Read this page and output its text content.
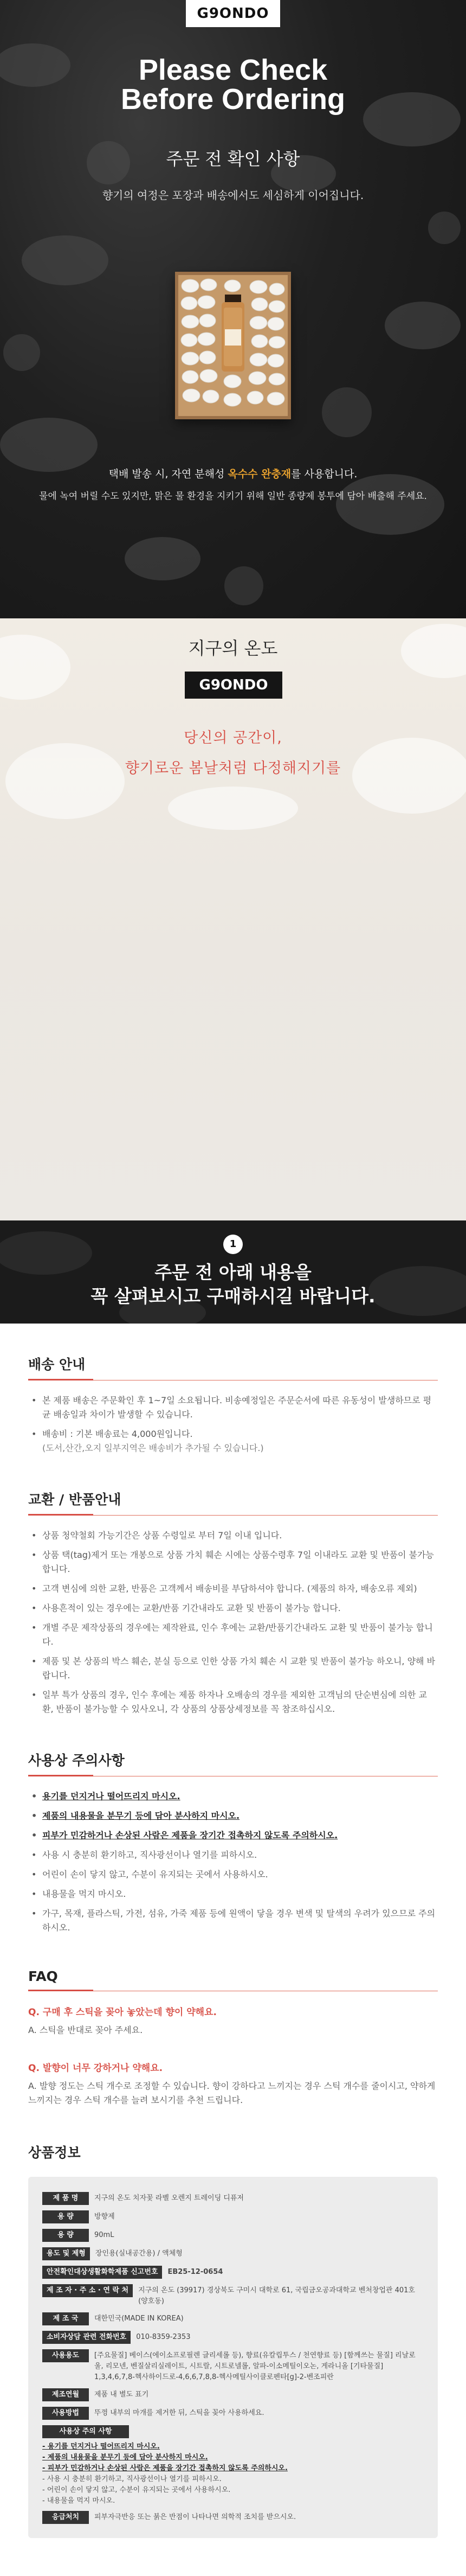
G9ONDO
Please Check
Before Ordering
주문 전 확인 사항
향기의 여정은 포장과 배송에서도 세심하게 이어집니다.
택배 발송 시, 자연 분해성 옥수수 완충재를 사용합니다.
물에 녹여 버릴 수도 있지만, 맑은 물 환경을 지키기 위해 일반 종량제 봉투에 담아 배출해 주세요.
지구의 온도
G9ONDO
당신의 공간이,
향기로운 봄날처럼 다정해지기를
1
주문 전 아래 내용을
꼭 살펴보시고 구매하시길 바랍니다.
배송 안내
• 본 제품 배송은 주문확인 후 1~7일 소요됩니다. 비송예정일은 주문순서에 따른 유동성이 발생하므로 평균 배송일과 차이가 발생할 수 있습니다.
• 배송비 : 기본 배송료는 4,000원입니다.
(도서,산간,오지 일부지역은 배송비가 추가될 수 있습니다.)
교환 / 반품안내
• 상품 청약철회 가능기간은 상품 수령일로 부터 7일 이내 입니다.
• 상품 택(tag)제거 또는 개봉으로 상품 가치 훼손 시에는 상품수령후 7일 이내라도 교환 및 반품이 불가능합니다.
• 고객 변심에 의한 교환, 반품은 고객께서 배송비를 부담하셔야 합니다. (제품의 하자, 배송오류 제외)
• 사용흔적이 있는 경우에는 교환/반품 기간내라도 교환 및 반품이 불가능 합니다.
• 개별 주문 제작상품의 경우에는 제작완료, 인수 후에는 교환/반품기간내라도 교환 및 반품이 불가능 합니다.
• 제품 및 본 상품의 박스 훼손, 분실 등으로 인한 상품 가치 훼손 시 교환 및 반품이 불가능 하오니, 양해 바랍니다.
• 일부 특가 상품의 경우, 인수 후에는 제품 하자나 오배송의 경우를 제외한 고객님의 단순변심에 의한 교환, 반품이 불가능할 수 있사오니, 각 상품의 상품상세정보를 꼭 참조하십시오.
사용상 주의사항
• 용기를 던지거나 떨어뜨리지 마시오.
• 제품의 내용물을 분무기 등에 담아 분사하지 마시오.
• 피부가 민감하거나 손상된 사람은 제품을 장기간 접촉하지 않도록 주의하시오.
• 사용 시 충분히 환기하고, 직사광선이나 열기를 피하시오.
• 어린이 손이 닿지 않고, 수분이 유지되는 곳에서 사용하시오.
• 내용물을 먹지 마시오.
• 가구, 목재, 플라스틱, 가전, 섬유, 가죽 제품 등에 원액이 닿을 경우 변색 및 탈색의 우려가 있으므로 주의 하시오.
FAQ
Q. 구매 후 스틱을 꽂아 놓았는데 향이 약해요.
A. 스틱을 반대로 꽂아 주세요.
Q. 발향이 너무 강하거나 약해요.
A. 발향 정도는 스틱 개수로 조정할 수 있습니다. 향이 강하다고 느끼지는 경우 스틱 개수를 줄이시고, 약하게 느끼지는 경우 스틱 개수를 늘려 보시기를 추천 드립니다.
상품정보
제 품 명	지구의 온도 치자꽃 라벨 오렌지 트레이딩 디퓨저
용 량	방향제
용 량	90mL
용도 및 제형	장인용(실내공간용) / 액체형
안전확인대상생활화학제품 신고번호	EB25-12-0654
제 조 자 · 주 소 · 연 락 처	지구의 온도 (39917) 경상북도 구미시 대학로 61, 국립금오공과대학교 벤처창업관 401호 (양호동)
제 조 국	대한민국(MADE IN KOREA)
소비자상담 관련 전화번호	010-8359-2353
사용용도	[주요물질] 베이스(에이소프로필렌 글리세롤 등), 향료(유칼립투스 / 천연향료 등) [함께쓰는 물질] 리날로울, 리모넨, 벤질살리실레이트, 시트랄, 시트로넬롤, 알파-이소메틸이오논, 게라니올 [기타물질] 1,3,4,6,7,8-헥사하이드로-4,6,6,7,8,8-헥사메틸사이클로펜타[g]-2-벤조피란
제조연월	제품 내 별도 표기
사용방법	뚜껑 내부의 마개를 제거한 뒤, 스틱을 꽂아 사용하세요.
사용상 주의 사항
- 용기를 던지거나 떨어뜨리지 마시오.
- 제품의 내용물을 분무기 등에 담아 분사하지 마시오.
- 피부가 민감하거나 손상된 사람은 제품을 장기간 접촉하지 않도록 주의하시오.
- 사용 시 충분히 환기하고, 직사광선이나 열기를 피하시오.
- 어린이 손이 닿지 않고, 수분이 유지되는 곳에서 사용하시오.
- 내용물을 먹지 마시오.
응급처치	피부자극반응 또는 붉은 반점이 나타나면 의학적 조치를 받으시오.
